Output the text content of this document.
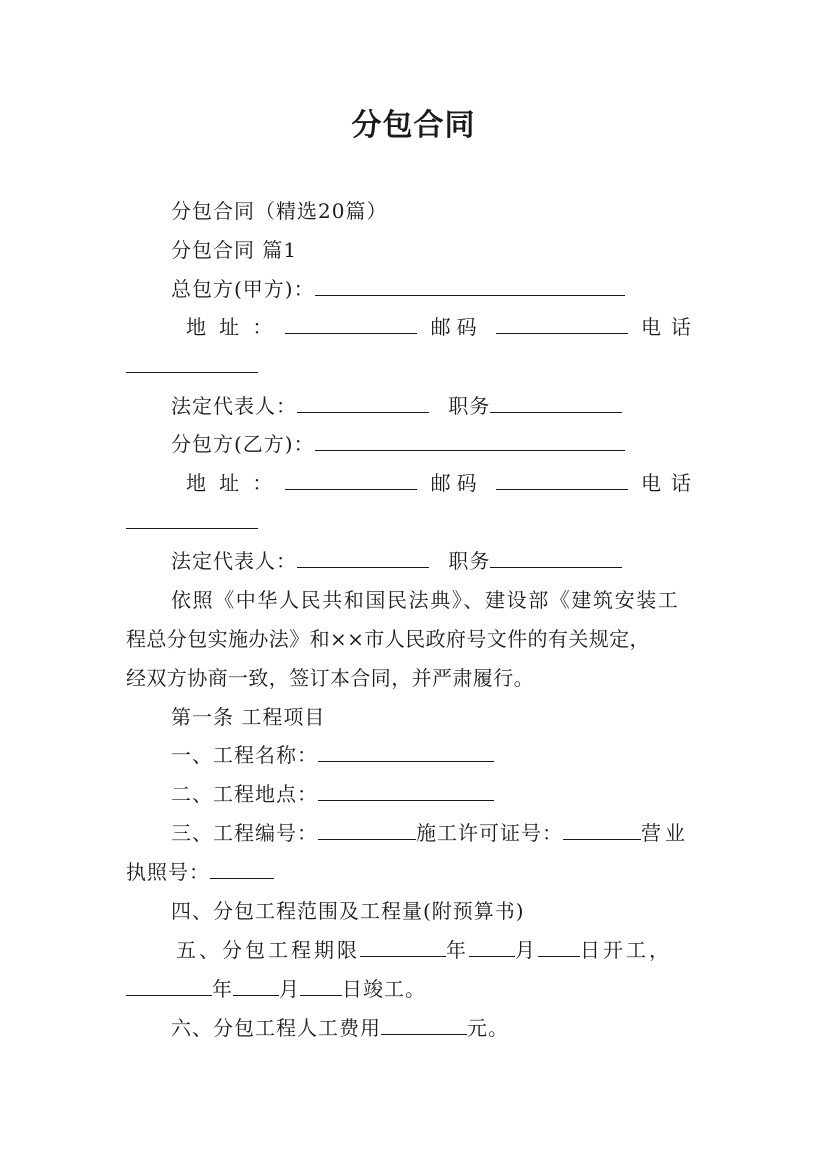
分包合同
分包合同（精选20篇）
分包合同 篇1
总包方(甲方)：
地 址 ：	邮码	电话
法定代表人：	职务
分包方(乙方)：
地 址 ：	邮码	电话
法定代表人：	职务
依照《中华人民共和国民法典》、建设部《建筑安装工
程总分包实施办法》和××市人民政府号文件的有关规定，
经双方协商一致，签订本合同，并严肃履行。
第一条 工程项目
一、工程名称：
二、工程地点：
三、工程编号：	施工许可证号：	营业
执照号：
四、分包工程范围及工程量(附预算书)
五、分包工程期限	年 月 日开工，
年 月 日竣工。
六、分包工程人工费用	元。
